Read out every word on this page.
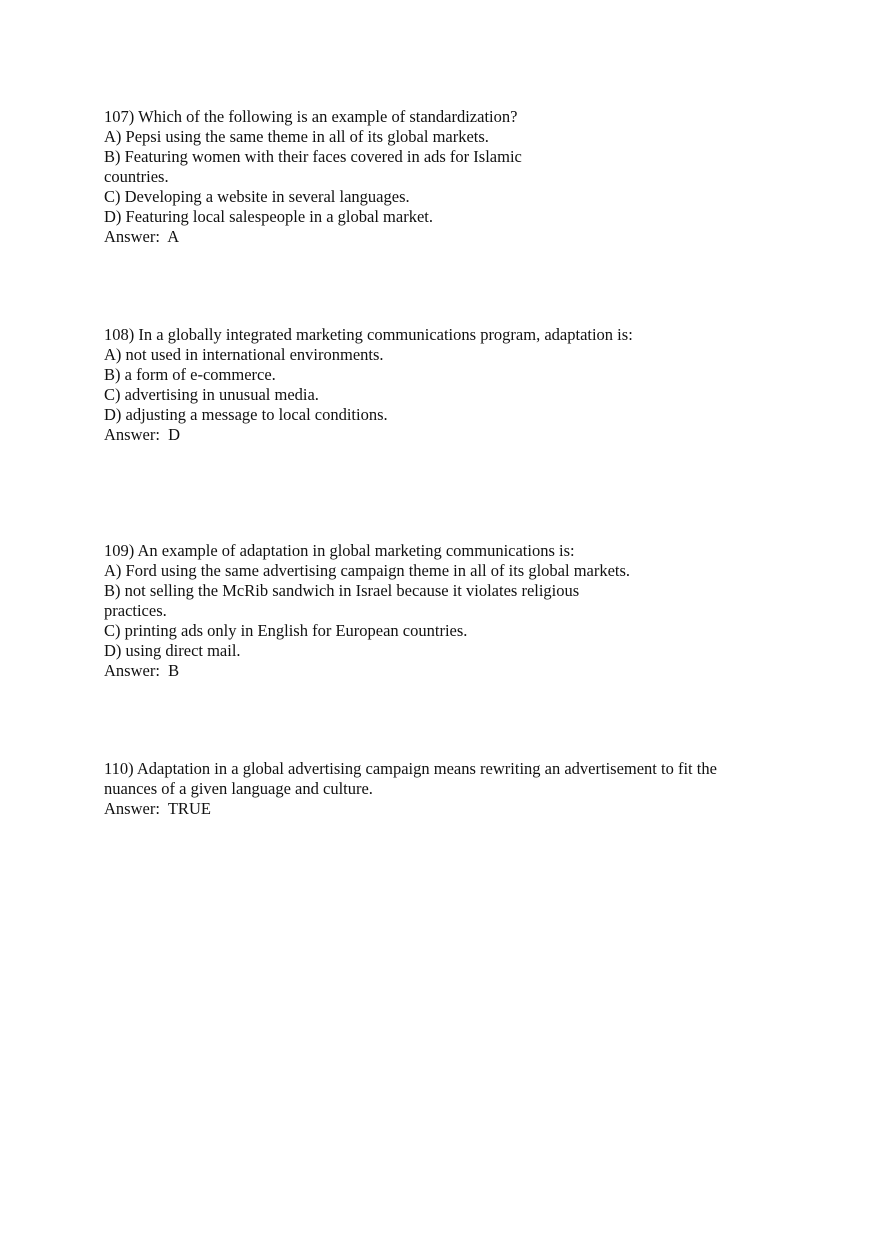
107) Which of the following is an example of standardization?
A) Pepsi using the same theme in all of its global markets.
B) Featuring women with their faces covered in ads for Islamic
countries.
C) Developing a website in several languages.
D) Featuring local salespeople in a global market.
Answer:  A
108) In a globally integrated marketing communications program, adaptation is:
A) not used in international environments.
B) a form of e-commerce.
C) advertising in unusual media.
D) adjusting a message to local conditions.
Answer:  D
109) An example of adaptation in global marketing communications is:
A) Ford using the same advertising campaign theme in all of its global markets.
B) not selling the McRib sandwich in Israel because it violates religious
practices.
C) printing ads only in English for European countries.
D) using direct mail.
Answer:  B
110) Adaptation in a global advertising campaign means rewriting an advertisement to fit the
nuances of a given language and culture.
Answer:  TRUE
